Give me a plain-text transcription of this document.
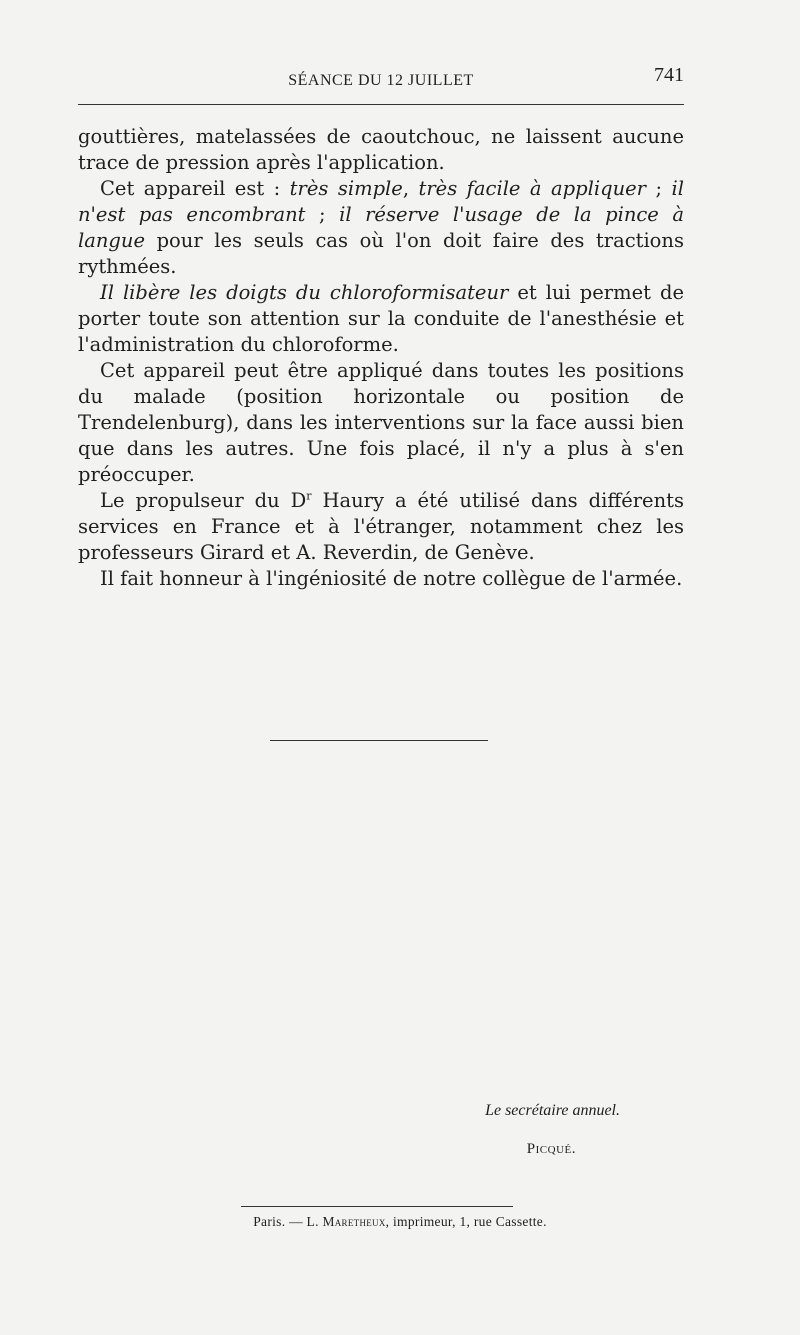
SÉANCE DU 12 JUILLET	741

gouttières, matelassées de caoutchouc, ne laissent aucune trace de pression après l'application.

Cet appareil est : très simple, très facile à appliquer ; il n'est pas encombrant ; il réserve l'usage de la pince à langue pour les seuls cas où l'on doit faire des tractions rythmées.

Il libère les doigts du chloroformisateur et lui permet de porter toute son attention sur la conduite de l'anesthésie et l'administration du chloroforme.

Cet appareil peut être appliqué dans toutes les positions du malade (position horizontale ou position de Trendelenburg), dans les interventions sur la face aussi bien que dans les autres. Une fois placé, il n'y a plus à s'en préoccuper.

Le propulseur du $D^r$ Haury a été utilisé dans différents services en France et à l'étranger, notamment chez les professeurs Girard et A. Reverdin, de Genève.

Il fait honneur à l'ingéniosité de notre collègue de l'armée.

Le secrétaire annuel.
Picqué.
Paris. — L. Maretheux, imprimeur, 1, rue Cassette.
